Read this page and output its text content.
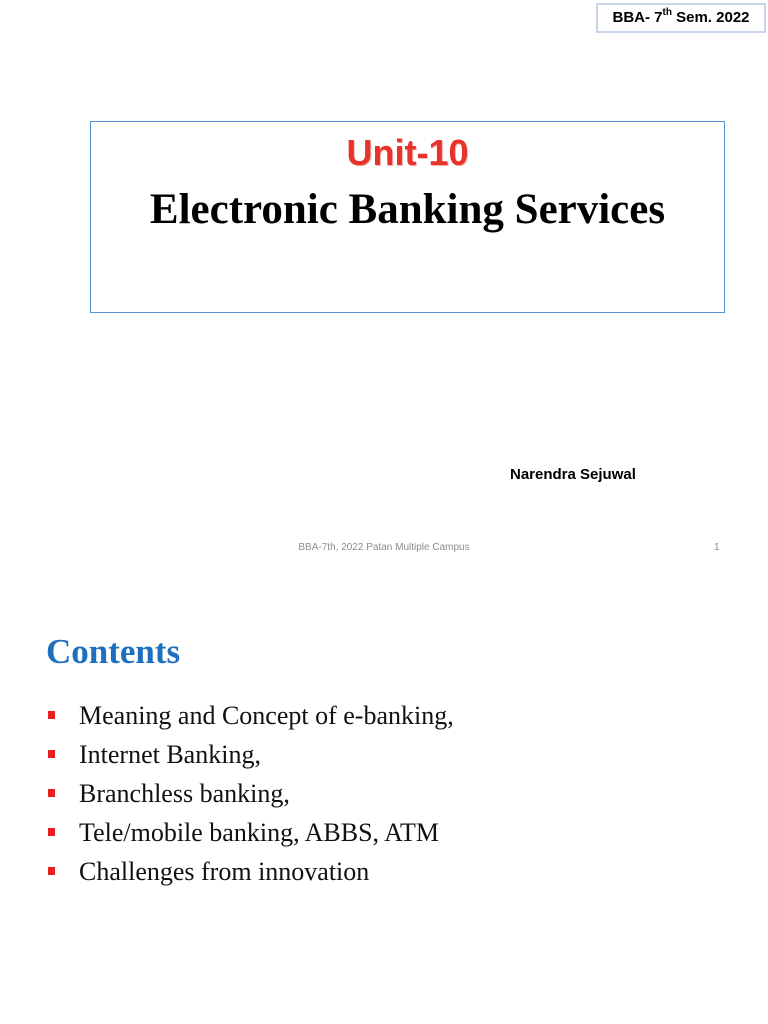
BBA- 7th Sem. 2022
Unit-10
Electronic Banking Services
Narendra Sejuwal
BBA-7th, 2022 Patan Multiple Campus	1
Contents
Meaning and Concept of e-banking,
Internet Banking,
Branchless banking,
Tele/mobile banking, ABBS, ATM
Challenges from innovation
